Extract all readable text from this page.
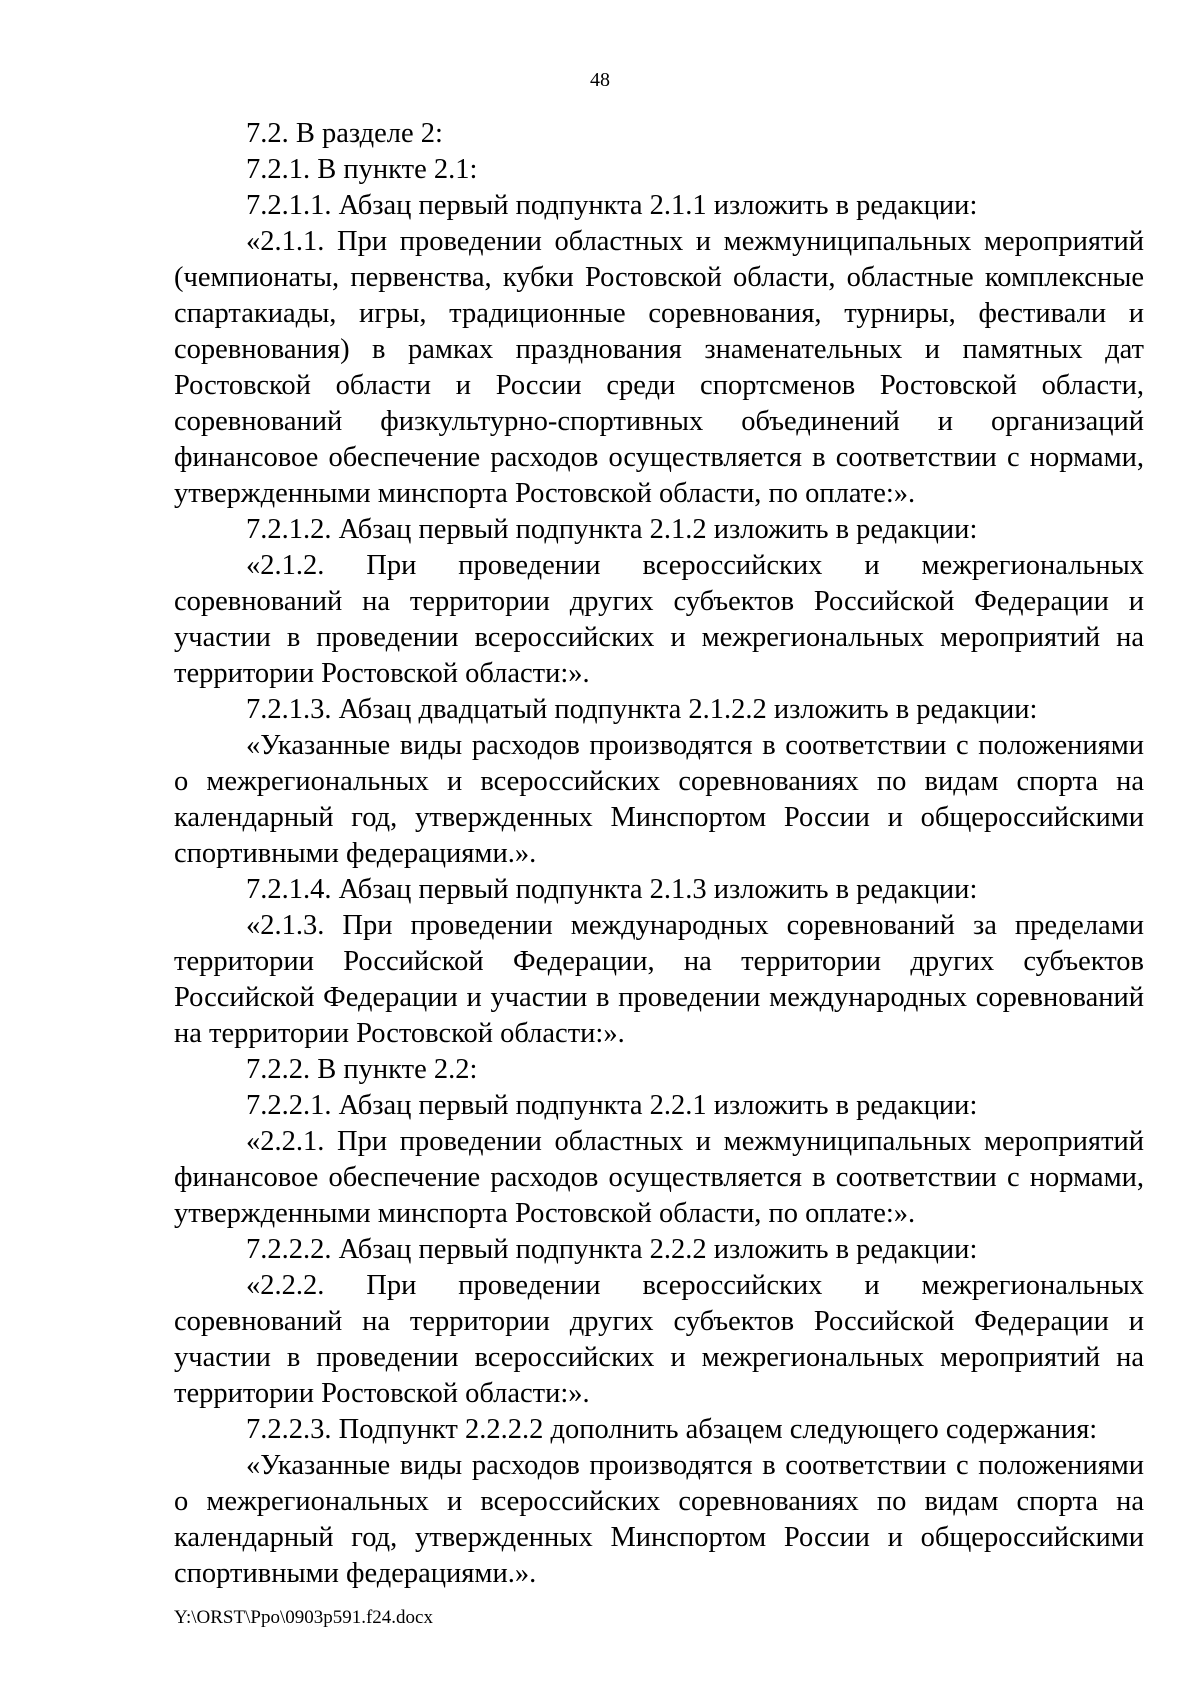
48

7.2. В разделе 2:

7.2.1. В пункте 2.1:

7.2.1.1. Абзац первый подпункта 2.1.1 изложить в редакции:

«2.1.1. При проведении областных и межмуниципальных мероприятий (чемпионаты, первенства, кубки Ростовской области, областные комплексные спартакиады, игры, традиционные соревнования, турниры, фестивали и соревнования) в рамках празднования знаменательных и памятных дат Ростовской области и России среди спортсменов Ростовской области, соревнований физкультурно-спортивных объединений и организаций финансовое обеспечение расходов осуществляется в соответствии с нормами, утвержденными минспорта Ростовской области, по оплате:».

7.2.1.2. Абзац первый подпункта 2.1.2 изложить в редакции:

«2.1.2. При проведении всероссийских и межрегиональных соревнований на территории других субъектов Российской Федерации и участии в проведении всероссийских и межрегиональных мероприятий на территории Ростовской области:».

7.2.1.3. Абзац двадцатый подпункта 2.1.2.2 изложить в редакции:

«Указанные виды расходов производятся в соответствии с положениями о межрегиональных и всероссийских соревнованиях по видам спорта на календарный год, утвержденных Минспортом России и общероссийскими спортивными федерациями.».

7.2.1.4. Абзац первый подпункта 2.1.3 изложить в редакции:

«2.1.3. При проведении международных соревнований за пределами территории Российской Федерации, на территории других субъектов Российской Федерации и участии в проведении международных соревнований на территории Ростовской области:».

7.2.2. В пункте 2.2:

7.2.2.1. Абзац первый подпункта 2.2.1 изложить в редакции:

«2.2.1. При проведении областных и межмуниципальных мероприятий финансовое обеспечение расходов осуществляется в соответствии с нормами, утвержденными минспорта Ростовской области, по оплате:».

7.2.2.2. Абзац первый подпункта 2.2.2 изложить в редакции:

«2.2.2. При проведении всероссийских и межрегиональных соревнований на территории других субъектов Российской Федерации и участии в проведении всероссийских и межрегиональных мероприятий на территории Ростовской области:».

7.2.2.3. Подпункт 2.2.2.2 дополнить абзацем следующего содержания:

«Указанные виды расходов производятся в соответствии с положениями о межрегиональных и всероссийских соревнованиях по видам спорта на календарный год, утвержденных Минспортом России и общероссийскими спортивными федерациями.».

Y:\ORST\Ppo\0903p591.f24.docx
